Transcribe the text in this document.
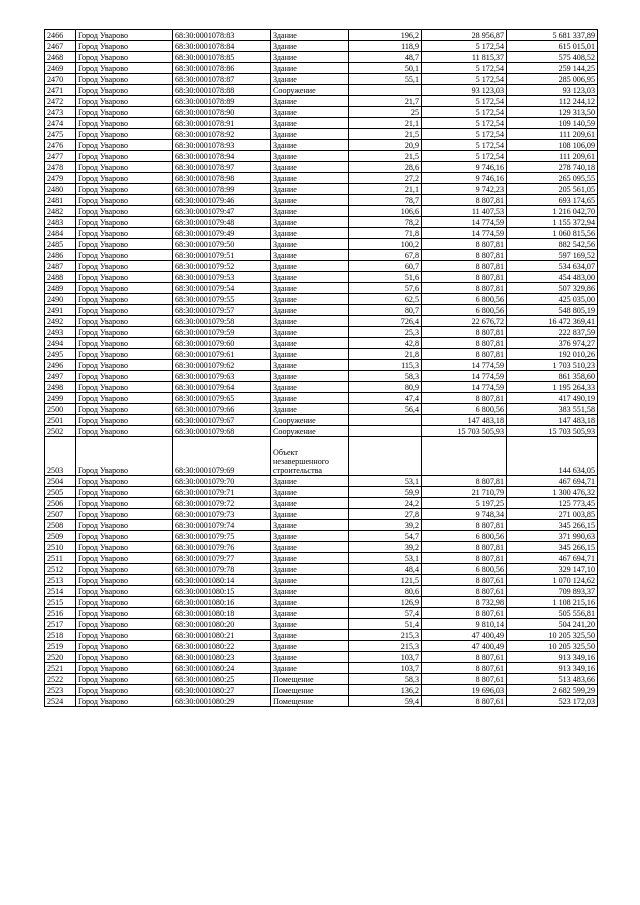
2466	Город Уварово	68:30:0001078:83	Здание	196,2	28 956,87	5 681 337,89
2467	Город Уварово	68:30:0001078:84	Здание	118,9	5 172,54	615 015,01
2468	Город Уварово	68:30:0001078:85	Здание	48,7	11 815,37	575 408,52
2469	Город Уварово	68:30:0001078:86	Здание	50,1	5 172,54	259 144,25
2470	Город Уварово	68:30:0001078:87	Здание	55,1	5 172,54	285 006,95
2471	Город Уварово	68:30:0001078:88	Сооружение		93 123,03	93 123,03
2472	Город Уварово	68:30:0001078:89	Здание	21,7	5 172,54	112 244,12
2473	Город Уварово	68:30:0001078:90	Здание	25	5 172,54	129 313,50
2474	Город Уварово	68:30:0001078:91	Здание	21,1	5 172,54	109 140,59
2475	Город Уварово	68:30:0001078:92	Здание	21,5	5 172,54	111 209,61
2476	Город Уварово	68:30:0001078:93	Здание	20,9	5 172,54	108 106,09
2477	Город Уварово	68:30:0001078:94	Здание	21,5	5 172,54	111 209,61
2478	Город Уварово	68:30:0001078:97	Здание	28,6	9 746,16	278 740,18
2479	Город Уварово	68:30:0001078:98	Здание	27,2	9 746,16	265 095,55
2480	Город Уварово	68:30:0001078:99	Здание	21,1	9 742,23	205 561,05
2481	Город Уварово	68:30:0001079:46	Здание	78,7	8 807,81	693 174,65
2482	Город Уварово	68:30:0001079:47	Здание	106,6	11 407,53	1 216 042,70
2483	Город Уварово	68:30:0001079:48	Здание	78,2	14 774,59	1 155 372,94
2484	Город Уварово	68:30:0001079:49	Здание	71,8	14 774,59	1 060 815,56
2485	Город Уварово	68:30:0001079:50	Здание	100,2	8 807,81	882 542,56
2486	Город Уварово	68:30:0001079:51	Здание	67,8	8 807,81	597 169,52
2487	Город Уварово	68:30:0001079:52	Здание	60,7	8 807,81	534 634,07
2488	Город Уварово	68:30:0001079:53	Здание	51,6	8 807,81	454 483,00
2489	Город Уварово	68:30:0001079:54	Здание	57,6	8 807,81	507 329,86
2490	Город Уварово	68:30:0001079:55	Здание	62,5	6 800,56	425 035,00
2491	Город Уварово	68:30:0001079:57	Здание	80,7	6 800,56	548 805,19
2492	Город Уварово	68:30:0001079:58	Здание	726,4	22 676,72	16 472 369,41
2493	Город Уварово	68:30:0001079:59	Здание	25,3	8 807,81	222 837,59
2494	Город Уварово	68:30:0001079:60	Здание	42,8	8 807,81	376 974,27
2495	Город Уварово	68:30:0001079:61	Здание	21,8	8 807,81	192 010,26
2496	Город Уварово	68:30:0001079:62	Здание	115,3	14 774,59	1 703 510,23
2497	Город Уварово	68:30:0001079:63	Здание	58,3	14 774,59	861 358,60
2498	Город Уварово	68:30:0001079:64	Здание	80,9	14 774,59	1 195 264,33
2499	Город Уварово	68:30:0001079:65	Здание	47,4	8 807,81	417 490,19
2500	Город Уварово	68:30:0001079:66	Здание	56,4	6 800,56	383 551,58
2501	Город Уварово	68:30:0001079:67	Сооружение		147 483,18	147 483,18
2502	Город Уварово	68:30:0001079:68	Сооружение		15 703 505,93	15 703 505,93
2503	Город Уварово	68:30:0001079:69	Объект незавершенного строительства			144 634,05
2504	Город Уварово	68:30:0001079:70	Здание	53,1	8 807,81	467 694,71
2505	Город Уварово	68:30:0001079:71	Здание	59,9	21 710,79	1 300 476,32
2506	Город Уварово	68:30:0001079:72	Здание	24,2	5 197,25	125 773,45
2507	Город Уварово	68:30:0001079:73	Здание	27,8	9 748,34	271 003,85
2508	Город Уварово	68:30:0001079:74	Здание	39,2	8 807,81	345 266,15
2509	Город Уварово	68:30:0001079:75	Здание	54,7	6 800,56	371 990,63
2510	Город Уварово	68:30:0001079:76	Здание	39,2	8 807,81	345 266,15
2511	Город Уварово	68:30:0001079:77	Здание	53,1	8 807,81	467 694,71
2512	Город Уварово	68:30:0001079:78	Здание	48,4	6 800,56	329 147,10
2513	Город Уварово	68:30:0001080:14	Здание	121,5	8 807,61	1 070 124,62
2514	Город Уварово	68:30:0001080:15	Здание	80,6	8 807,61	709 893,37
2515	Город Уварово	68:30:0001080:16	Здание	126,9	8 732,98	1 108 215,16
2516	Город Уварово	68:30:0001080:18	Здание	57,4	8 807,61	505 556,81
2517	Город Уварово	68:30:0001080:20	Здание	51,4	9 810,14	504 241,20
2518	Город Уварово	68:30:0001080:21	Здание	215,3	47 400,49	10 205 325,50
2519	Город Уварово	68:30:0001080:22	Здание	215,3	47 400,49	10 205 325,50
2520	Город Уварово	68:30:0001080:23	Здание	103,7	8 807,61	913 349,16
2521	Город Уварово	68:30:0001080:24	Здание	103,7	8 807,61	913 349,16
2522	Город Уварово	68:30:0001080:25	Помещение	58,3	8 807,61	513 483,66
2523	Город Уварово	68:30:0001080:27	Помещение	136,2	19 696,03	2 682 599,29
2524	Город Уварово	68:30:0001080:29	Помещение	59,4	8 807,61	523 172,03
